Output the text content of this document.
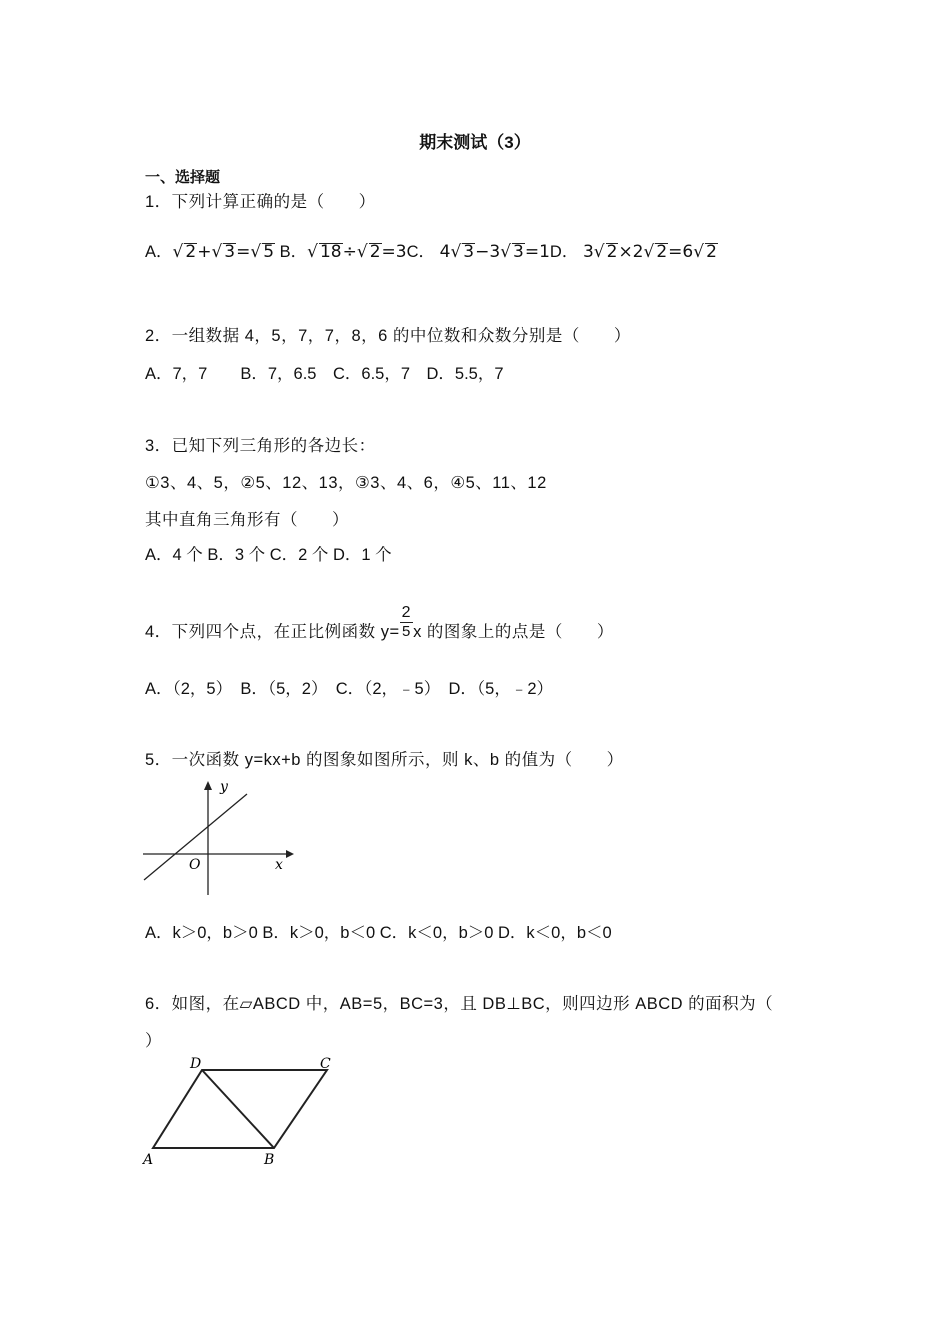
期末测试（3）
一、选择题
1．下列计算正确的是（　　）
A．√ 2+√ 3=√ 5 B．√ 18÷√ 2=3C． 4√ 3−3√ 3=1D． 3√ 2×2√ 2=6√ 2
2．一组数据 4，5，7，7，8，6 的中位数和众数分别是（　　）
A．7，7　　B．7，6.5　C．6.5，7　D．5.5，7
3．已知下列三角形的各边长：
①3、4、5，②5、12、13，③3、4、6，④5、11、12
其中直角三角形有（　　）
A．4 个 B．3 个 C．2 个 D．1 个
4．下列四个点，在正比例函数 $y= \frac{2}{5}$ x 的图象上的点是（　　）
A．（2，5）　B．（5，2）　C．（2，﹣5）　D．（5，﹣2）
5．一次函数 y=kx+b 的图象如图所示，则 k、b 的值为（　　）
y
x
O
A．k＞0，b＞0 B．k＞0，b＜0 C．k＜0，b＞0 D．k＜0，b＜0
6．如图，在▱ABCD 中，AB=5，BC=3，且 DB⊥BC，则四边形 ABCD 的面积为（
）
D	C
A	B
